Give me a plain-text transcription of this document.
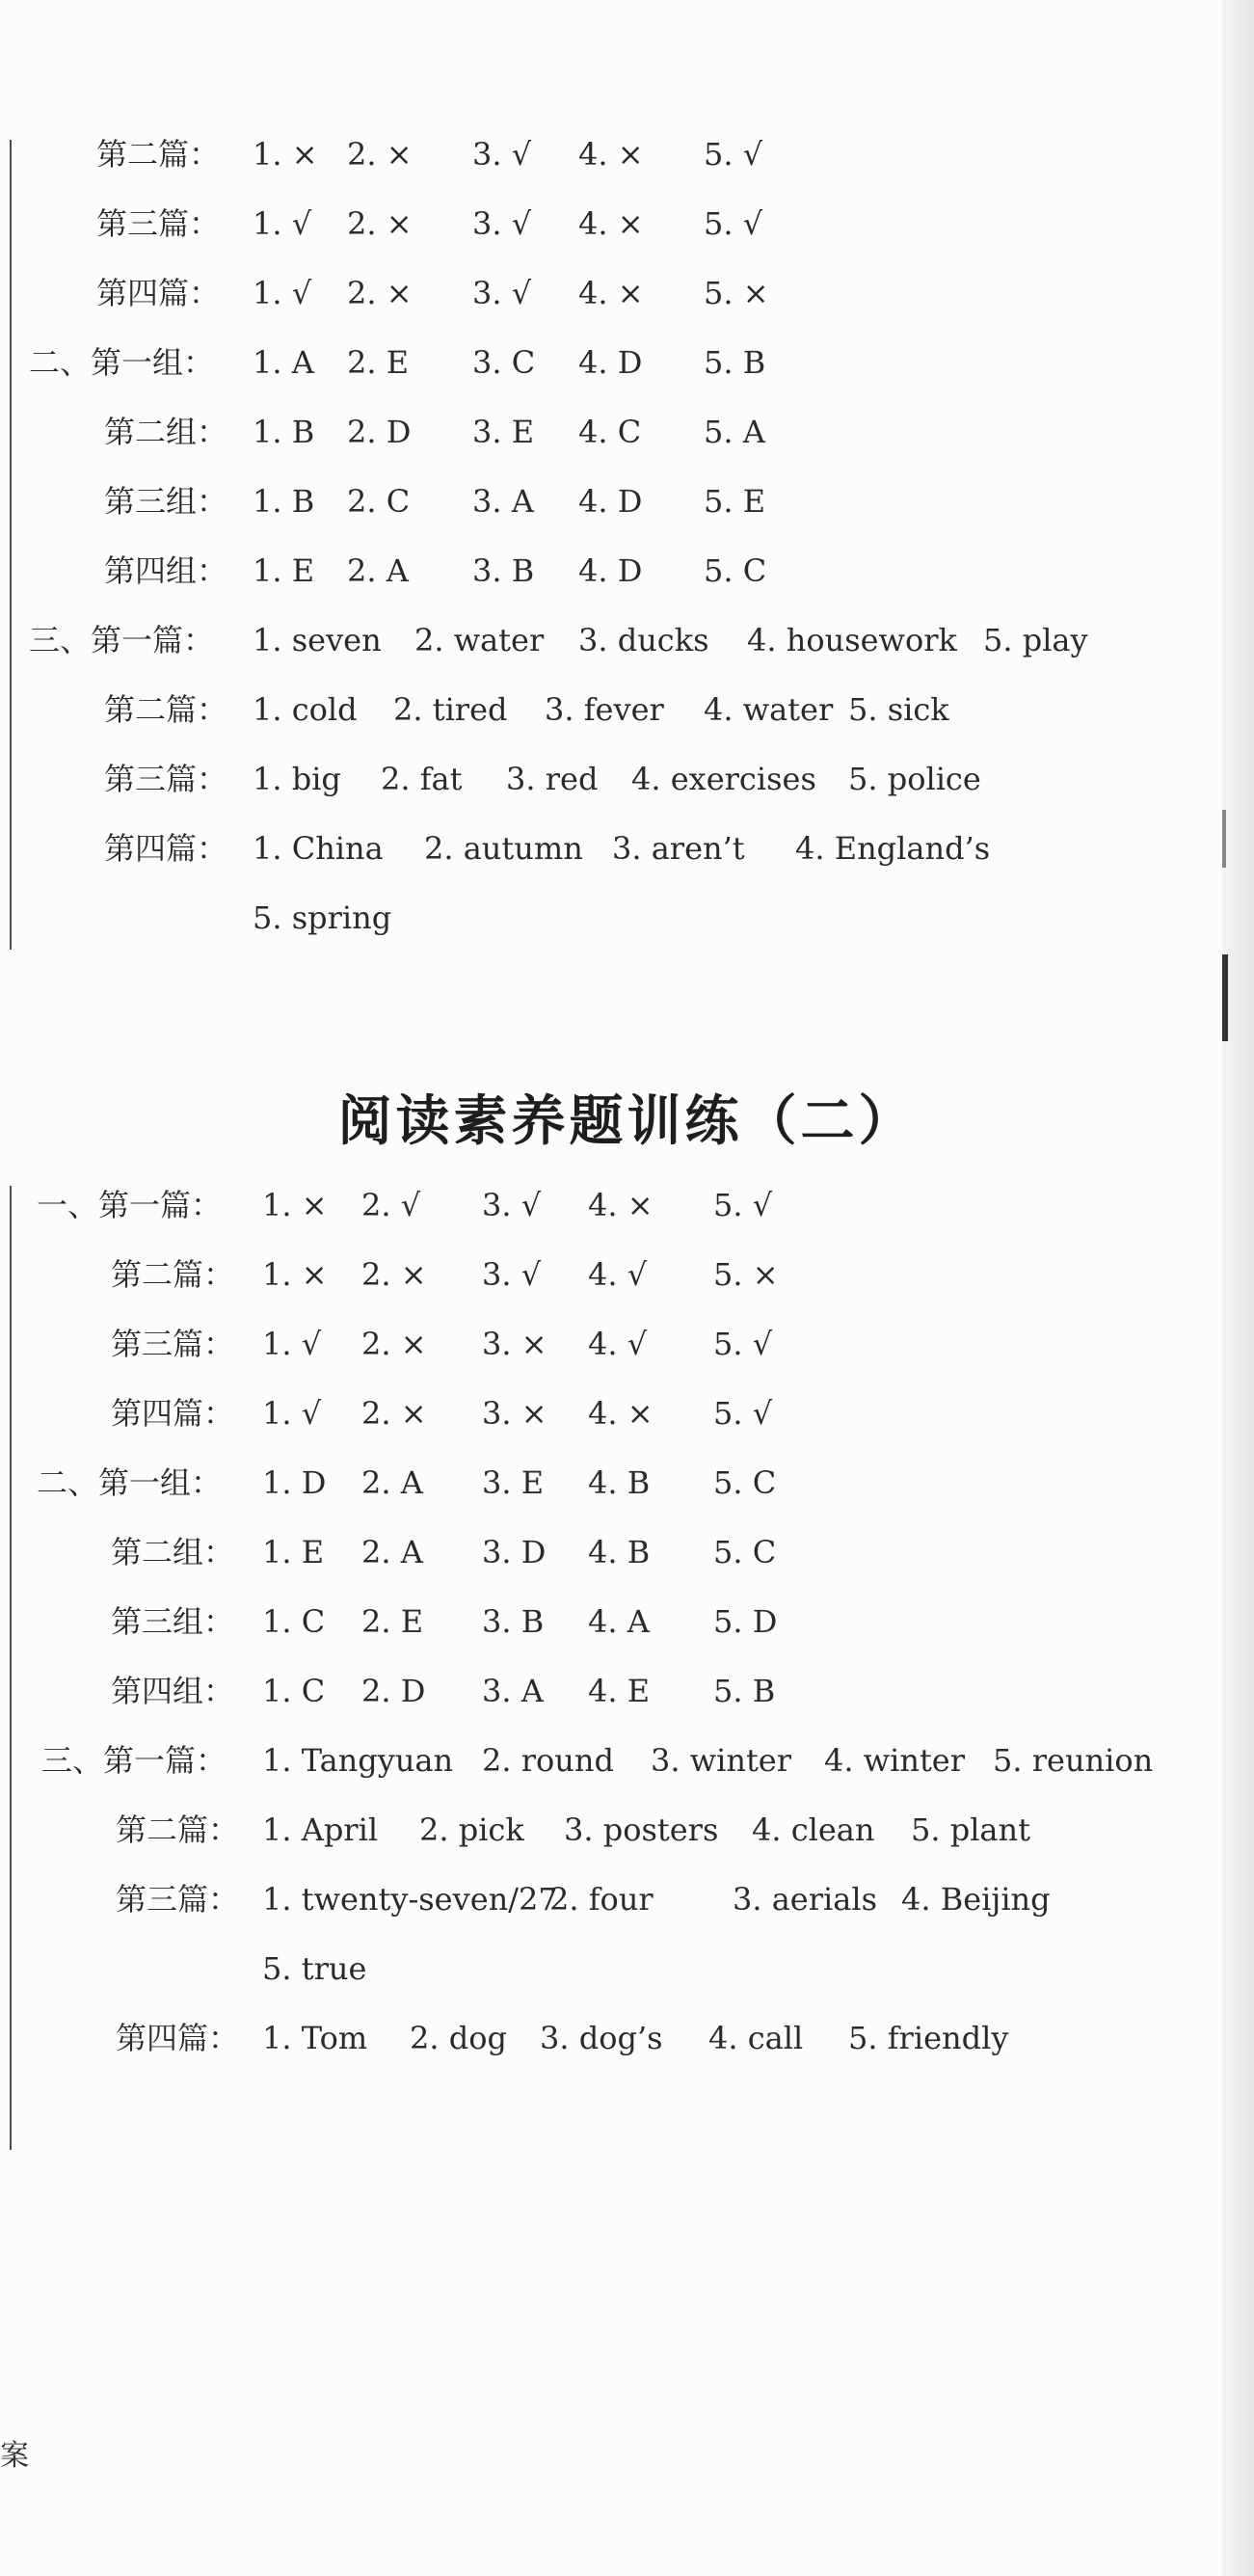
第二篇： 1. × 2. × 3. √ 4. × 5. √
第三篇： 1. √ 2. × 3. √ 4. × 5. √
第四篇： 1. √ 2. × 3. √ 4. × 5. ×
二、第一组： 1. A 2. E 3. C 4. D 5. B
第二组： 1. B 2. D 3. E 4. C 5. A
第三组： 1. B 2. C 3. A 4. D 5. E
第四组： 1. E 2. A 3. B 4. D 5. C
三、第一篇： 1. seven 2. water 3. ducks 4. housework 5. play
第二篇： 1. cold 2. tired 3. fever 4. water 5. sick
第三篇： 1. big 2. fat 3. red 4. exercises 5. police
第四篇： 1. China 2. autumn 3. aren’t 4. England’s
5. spring
阅读素养题训练（二）
一、第一篇： 1. × 2. √ 3. √ 4. × 5. √
第二篇： 1. × 2. × 3. √ 4. √ 5. ×
第三篇： 1. √ 2. × 3. × 4. √ 5. √
第四篇： 1. √ 2. × 3. × 4. × 5. √
二、第一组： 1. D 2. A 3. E 4. B 5. C
第二组： 1. E 2. A 3. D 4. B 5. C
第三组： 1. C 2. E 3. B 4. A 5. D
第四组： 1. C 2. D 3. A 4. E 5. B
三、第一篇： 1. Tangyuan 2. round 3. winter 4. winter 5. reunion
第二篇： 1. April 2. pick 3. posters 4. clean 5. plant
第三篇： 1. twenty-seven/27
2. four	3. aerials 4. Beijing
5. true
第四篇： 1. Tom 2. dog 3. dog’s 4. call 5. friendly
案
